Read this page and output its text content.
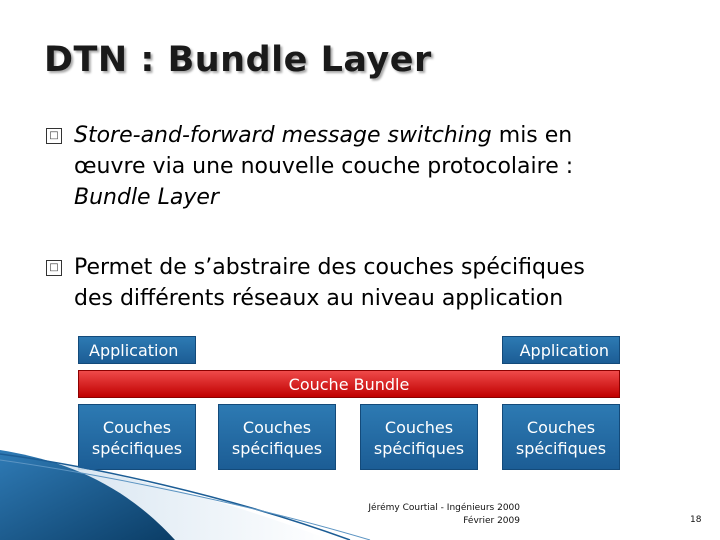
DTN : Bundle Layer
□ Store-and-forward message switching mis en
œuvre via une nouvelle couche protocolaire :
Bundle Layer
□ Permet de s’abstraire des couches spécifiques
des différents réseaux au niveau application
Application	Application
Couche Bundle
Couches
spécifiques
Couches
spécifiques
Couches
spécifiques
Couches
spécifiques
Jérémy Courtial - Ingénieurs 2000
Février 2009	18
